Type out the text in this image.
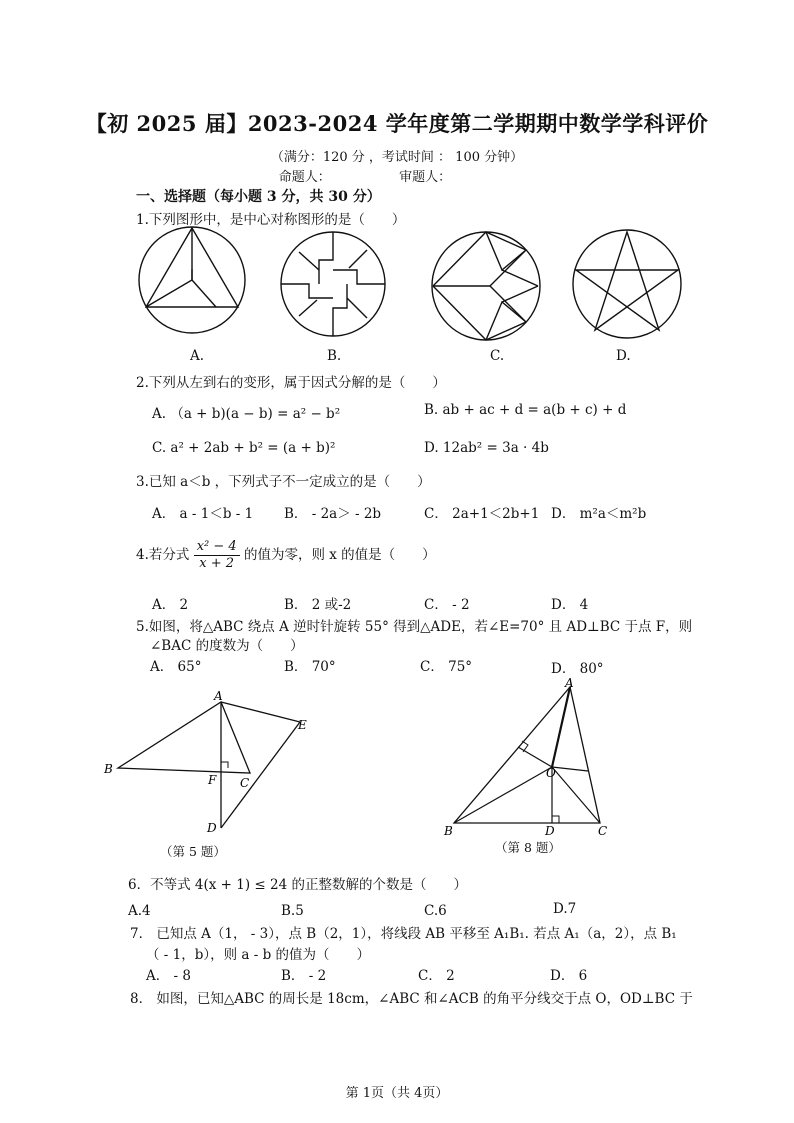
【初 2025 届】2023-2024 学年度第二学期期中数学学科评价
（满分：120 分 ，考试时间 ： 100 分钟）
命题人：	审题人：
一、选择题（每小题 3 分，共 30 分）
1.下列图形中，是中心对称图形的是（　　）
A.	B.	C.	D.
2.下列从左到右的变形，属于因式分解的是（　　）
A. （a + b)(a − b) = a² − b²	B. ab + ac + d = a(b + c) + d
C. a² + 2ab + b² = (a + b)²	D. 12ab² = 3a · 4b
3.已知 a＜b ，下列式子不一定成立的是（　　）
A． a - 1＜b - 1 B． - 2a＞ - 2b	C． 2a+1＜2b+1 D． m²a＜m²b
4.若分式 $\frac{\text{x² − 4}}{x + 2}$ 的值为零，则 x 的值是（　　）
A． 2	B． 2 或-2	C． - 2	D． 4
5.如图，将△ABC 绕点 A 逆时针旋转 55° 得到△ADE，若∠E=70° 且 AD⊥BC 于点 F，则
∠BAC 的度数为（　　）
A． 65°	B． 70°	C． 75°	D． 80°
A
B
C
D
E
F
（第 5 题）
A
B	C
D
O
（第 8 题）
6．不等式 4(x + 1) ≤ 24 的正整数解的个数是（　　）
A.4	B.5	C.6	D.7
7． 已知点 A（1， - 3），点 B（2，1），将线段 AB 平移至 A₁B₁. 若点 A₁（a，2），点 B₁
（ - 1，b），则 a - b 的值为（　　）
A． - 8	B． - 2	C． 2	D． 6
8． 如图，已知△ABC 的周长是 18cm，∠ABC 和∠ACB 的角平分线交于点 O，OD⊥BC 于
第 1页（共 4页）
